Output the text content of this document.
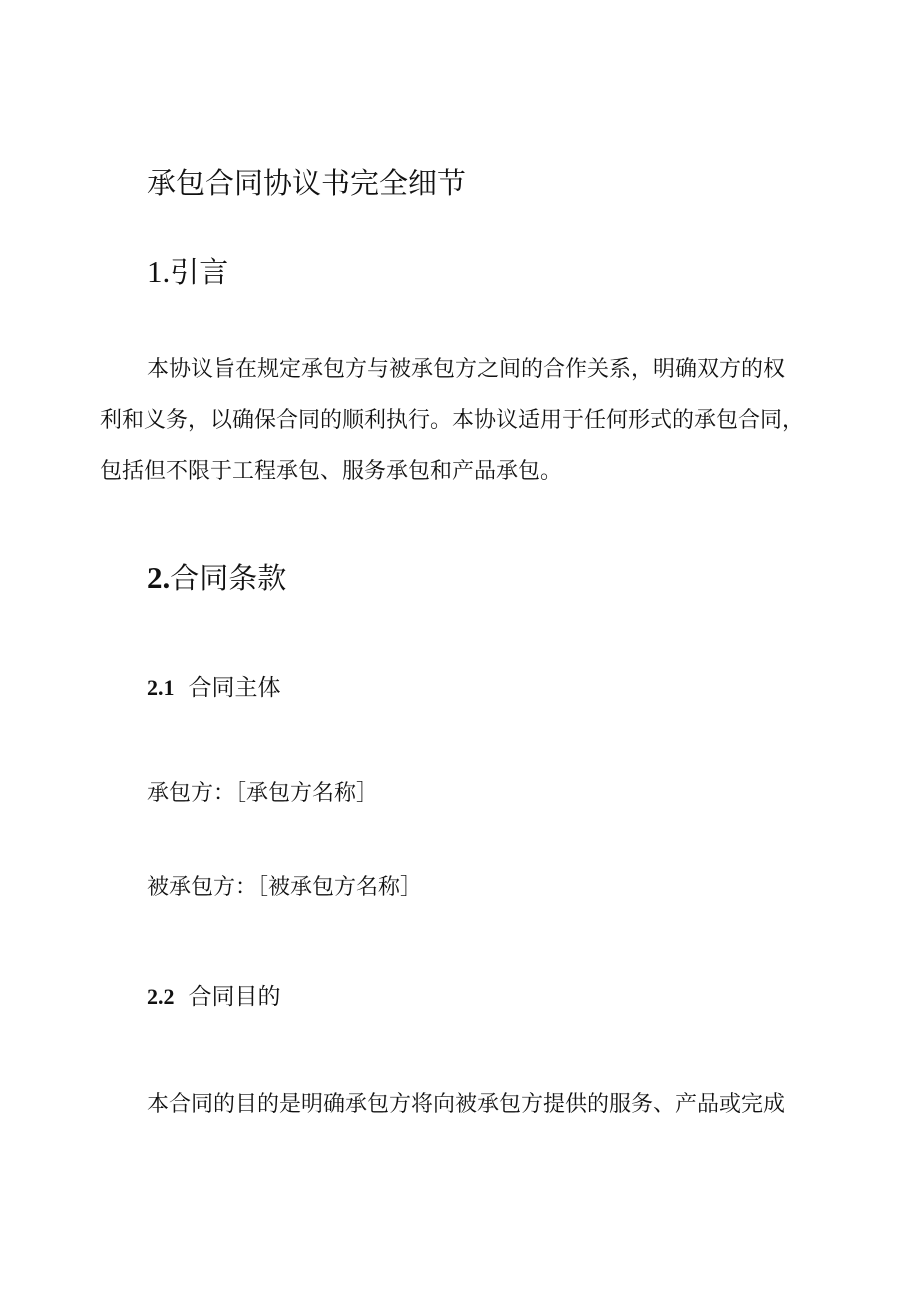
承包合同协议书完全细节
1.引言
本协议旨在规定承包方与被承包方之间的合作关系，明确双方的权
利和义务，以确保合同的顺利执行。本协议适用于任何形式的承包合同，
包括但不限于工程承包、服务承包和产品承包。
2.合同条款
2.1 合同主体
承包方：［承包方名称］
被承包方：［被承包方名称］
2.2 合同目的
本合同的目的是明确承包方将向被承包方提供的服务、产品或完成
